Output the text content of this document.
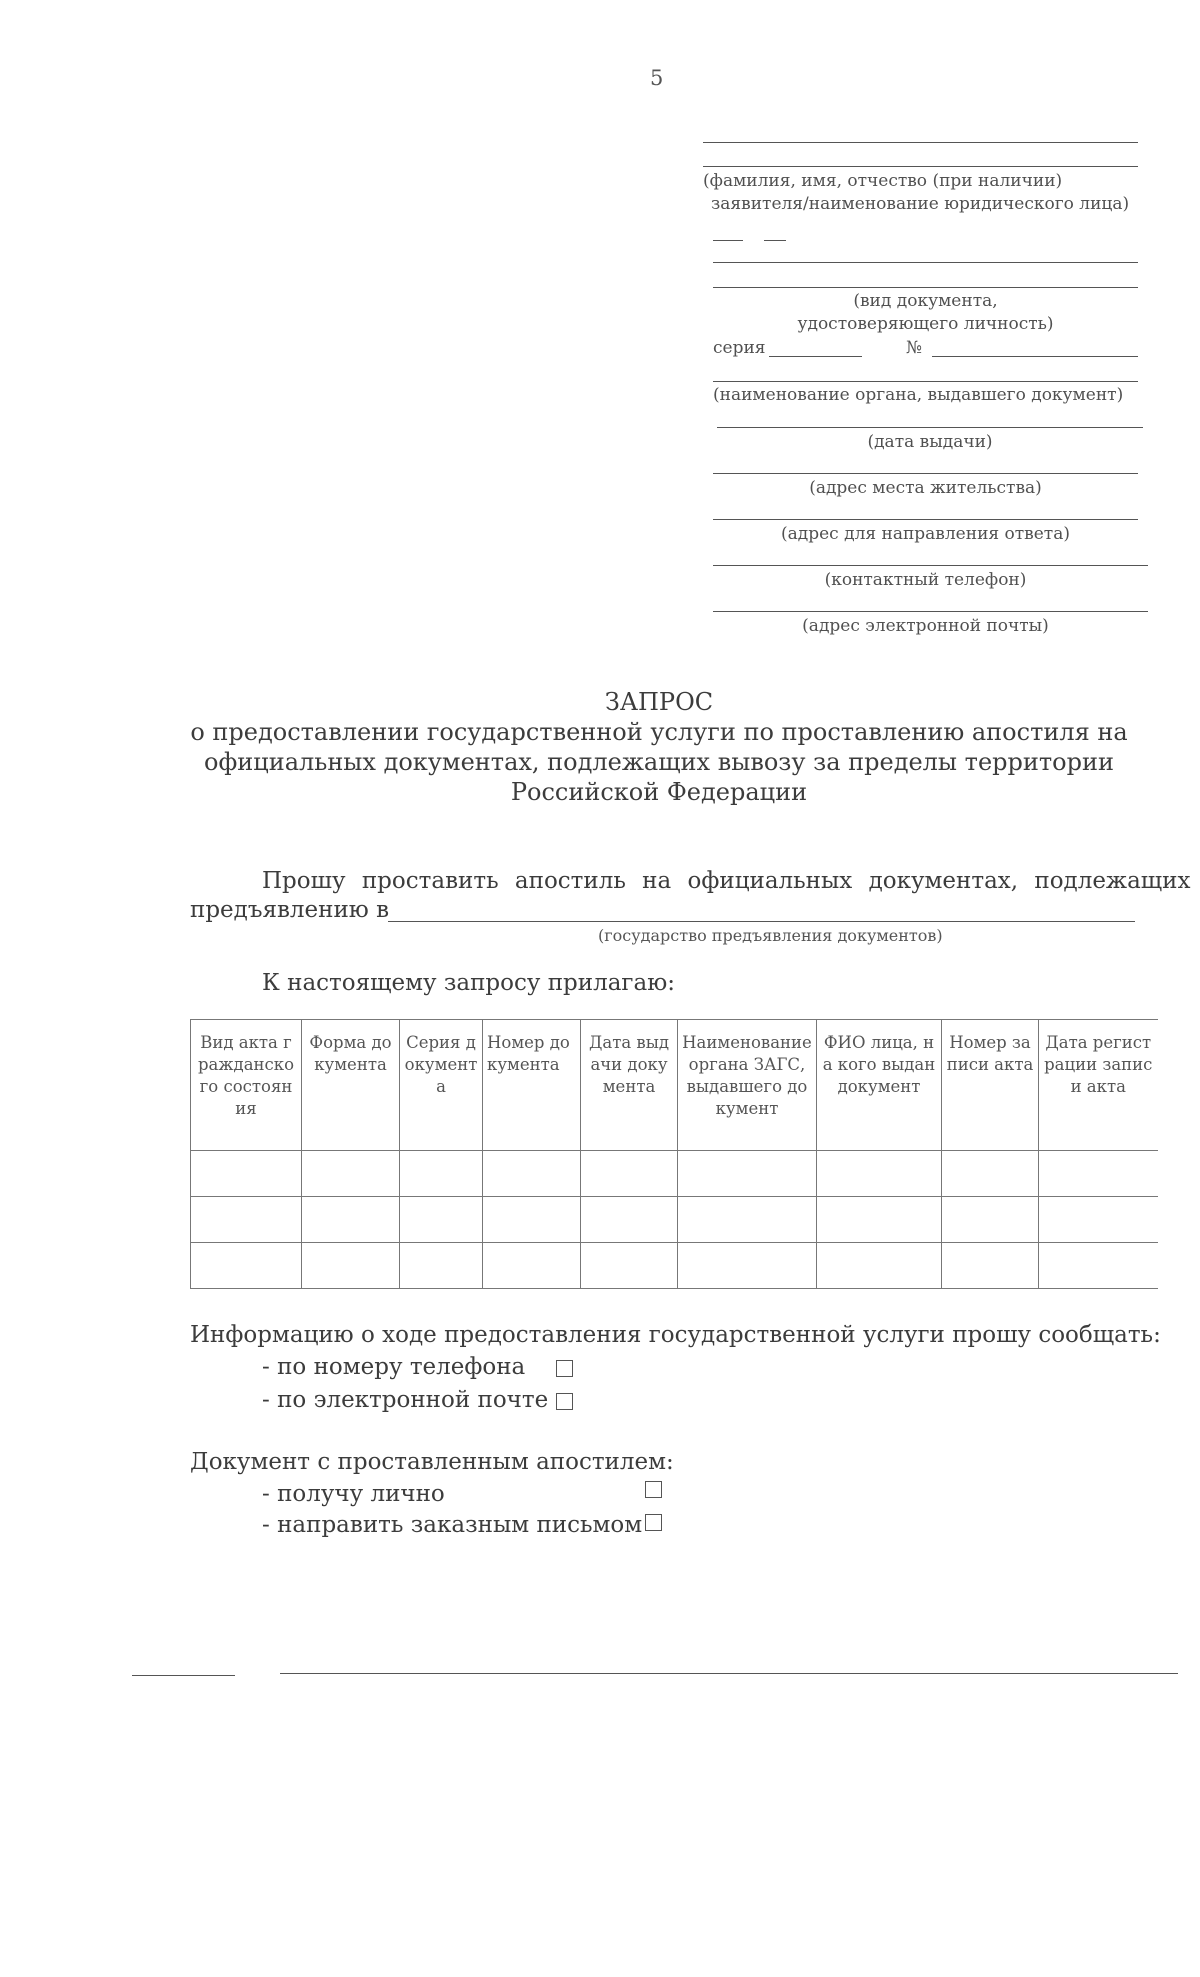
5
(фамилия, имя, отчество (при наличии)
заявителя/наименование юридического лица)
(вид документа,
удостоверяющего личность)
серия	№
(наименование органа, выдавшего документ)
(дата выдачи)
(адрес места жительства)
(адрес для направления ответа)
(контактный телефон)
(адрес электронной почты)
ЗАПРОС
о предоставлении государственной услуги по проставлению апостиля на
официальных документах, подлежащих вывозу за пределы территории
Российской Федерации
Прошу проставить апостиль на официальных документах, подлежащих
предъявлению в
(государство предъявления документов)
К настоящему запросу прилагаю:
Вид акта гражданского состояния	Форма документа	Серия документа	Номер документа	Дата выдачи документа	Наименование органа ЗАГС, выдавшего документ	ФИО лица, на кого выдан документ	Номер записи акта	Дата регистрации записи акта

Информацию о ходе предоставления государственной услуги прошу сообщать:
- по номеру телефона
- по электронной почте
Документ с проставленным апостилем:
- получу лично
- направить заказным письмом
